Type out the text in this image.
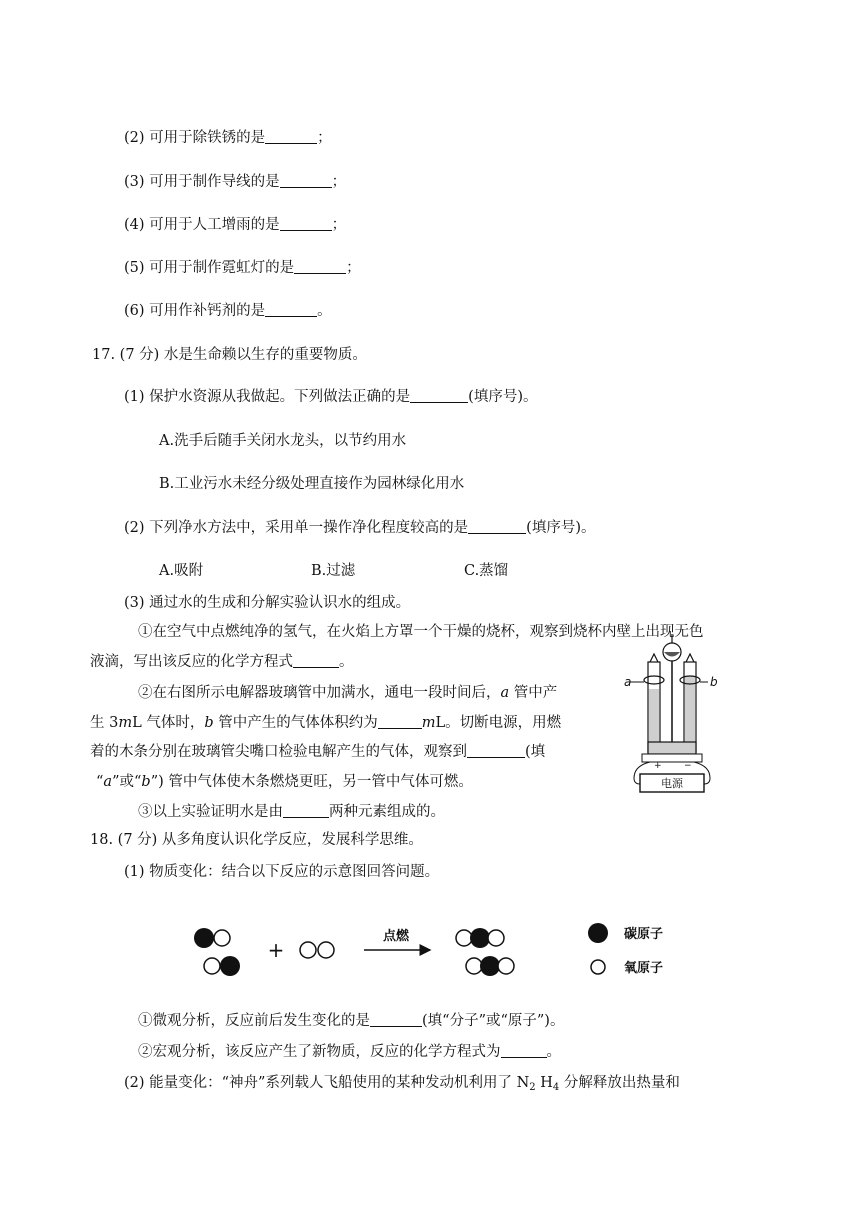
(2) 可用于除铁锈的是	；
(3) 可用于制作导线的是	；
(4) 可用于人工增雨的是	；
(5) 可用于制作霓虹灯的是	；
(6) 可用作补钙剂的是	。
17. (7 分) 水是生命赖以生存的重要物质。
(1) 保护水资源从我做起。下列做法正确的是	(填序号)。
A.洗手后随手关闭水龙头，以节约用水
B.工业污水未经分级处理直接作为园林绿化用水
(2) 下列净水方法中，采用单一操作净化程度较高的是	(填序号)。
A.吸附	B.过滤	C.蒸馏
(3) 通过水的生成和分解实验认识水的组成。
①在空气中点燃纯净的氢气，在火焰上方罩一个干燥的烧杯，观察到烧杯内壁上出现无色
液滴，写出该反应的化学方程式	。
②在右图所示电解器玻璃管中加满水，通电一段时间后，a 管中产
生 3mL 气体时，b 管中产生的气体体积约为	mL。切断电源，用燃
着的木条分别在玻璃管尖嘴口检验电解产生的气体，观察到	(填
“a”或“b”) 管中气体使木条燃烧更旺，另一管中气体可燃。
③以上实验证明水是由	两种元素组成的。
a	b
+ −
电源
18. (7 分) 从多角度认识化学反应，发展科学思维。
(1) 物质变化：结合以下反应的示意图回答问题。
+
点燃	碳原子
氧原子
①微观分析，反应前后发生变化的是	(填“分子”或“原子”)。
②宏观分析，该反应产生了新物质，反应的化学方程式为	。
(2) 能量变化：“神舟”系列载人飞船使用的某种发动机利用了 $N_2$ $H_4$ 分解释放出热量和
